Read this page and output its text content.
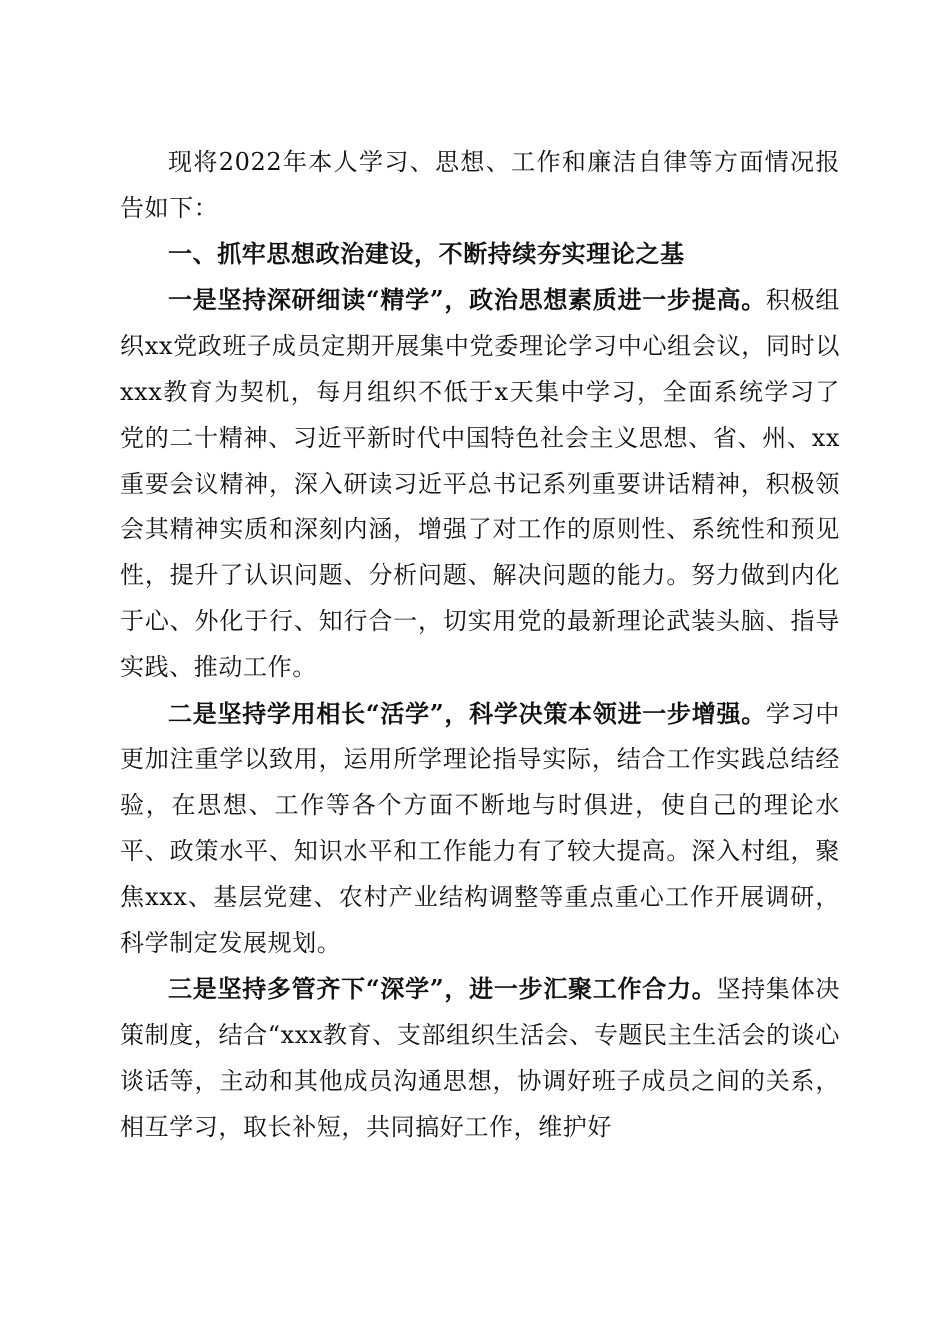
现将2022年本人学习、思想、工作和廉洁自律等方面情况报告如下：

一、抓牢思想政治建设，不断持续夯实理论之基

一是坚持深研细读“精学”，政治思想素质进一步提高。积极组织xx党政班子成员定期开展集中党委理论学习中心组会议，同时以xxx教育为契机，每月组织不低于x天集中学习，全面系统学习了党的二十精神、习近平新时代中国特色社会主义思想、省、州、xx重要会议精神，深入研读习近平总书记系列重要讲话精神，积极领会其精神实质和深刻内涵，增强了对工作的原则性、系统性和预见性，提升了认识问题、分析问题、解决问题的能力。努力做到内化于心、外化于行、知行合一，切实用党的最新理论武装头脑、指导实践、推动工作。

二是坚持学用相长“活学”，科学决策本领进一步增强。学习中更加注重学以致用，运用所学理论指导实际，结合工作实践总结经验，在思想、工作等各个方面不断地与时俱进，使自己的理论水平、政策水平、知识水平和工作能力有了较大提高。深入村组，聚焦xxx、基层党建、农村产业结构调整等重点重心工作开展调研，科学制定发展规划。

三是坚持多管齐下“深学”，进一步汇聚工作合力。坚持集体决策制度，结合“xxx教育、支部组织生活会、专题民主生活会的谈心谈话等，主动和其他成员沟通思想，协调好班子成员之间的关系，相互学习，取长补短，共同搞好工作，维护好
